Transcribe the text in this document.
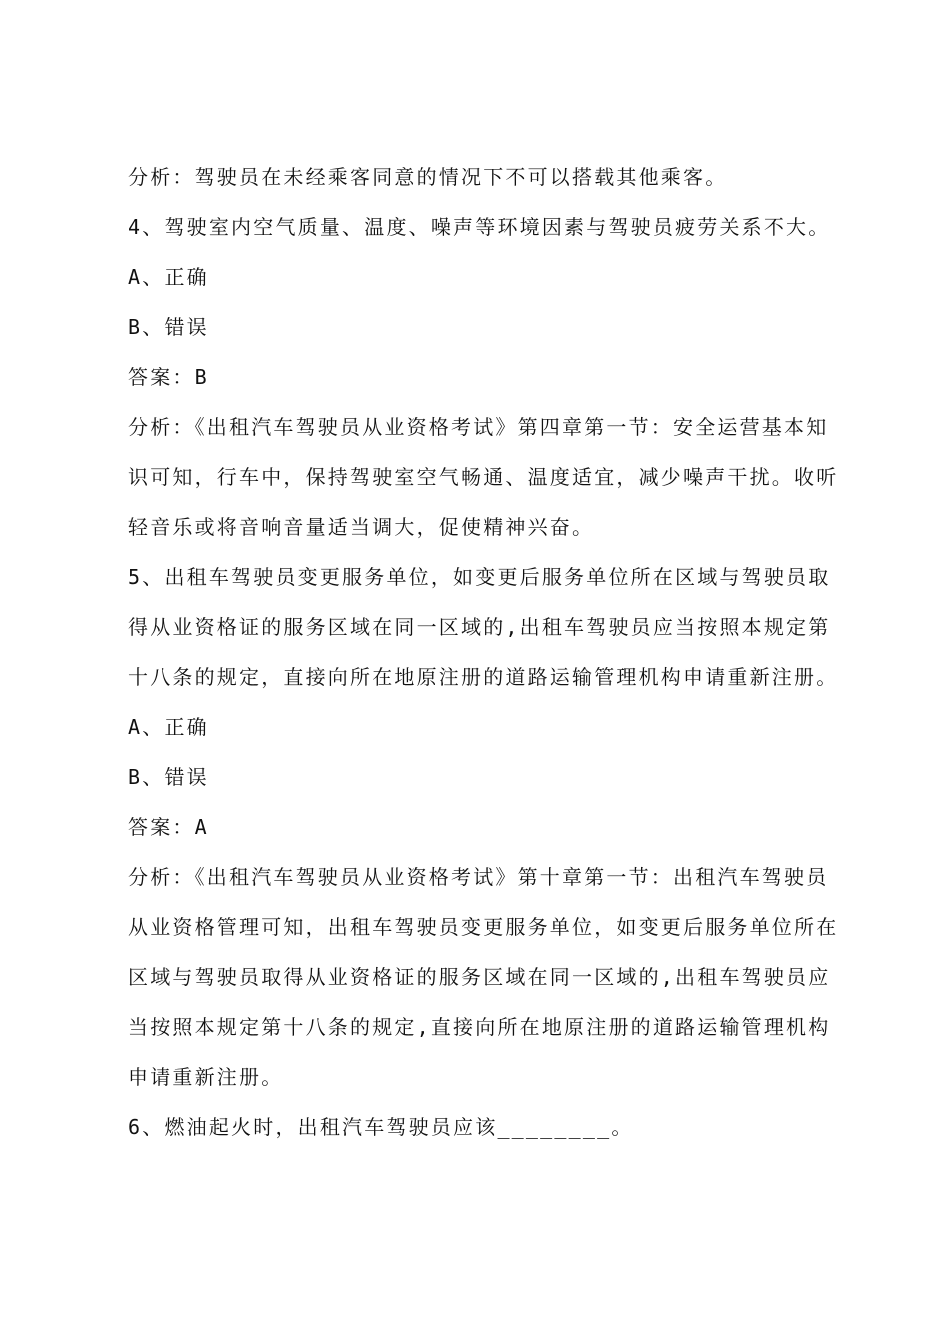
分析：驾驶员在未经乘客同意的情况下不可以搭载其他乘客。
4、驾驶室内空气质量、温度、噪声等环境因素与驾驶员疲劳关系不大。
A、正确
B、错误
答案：B
分析：《出租汽车驾驶员从业资格考试》第四章第一节：安全运营基本知
识可知，行车中，保持驾驶室空气畅通、温度适宜，减少噪声干扰。收听
轻音乐或将音响音量适当调大，促使精神兴奋。
5、出租车驾驶员变更服务单位，如变更后服务单位所在区域与驾驶员取
得从业资格证的服务区域在同一区域的,出租车驾驶员应当按照本规定第
十八条的规定，直接向所在地原注册的道路运输管理机构申请重新注册。
A、正确
B、错误
答案：A
分析：《出租汽车驾驶员从业资格考试》第十章第一节：出租汽车驾驶员
从业资格管理可知，出租车驾驶员变更服务单位，如变更后服务单位所在
区域与驾驶员取得从业资格证的服务区域在同一区域的,出租车驾驶员应
当按照本规定第十八条的规定,直接向所在地原注册的道路运输管理机构
申请重新注册。
6、燃油起火时，出租汽车驾驶员应该________。
